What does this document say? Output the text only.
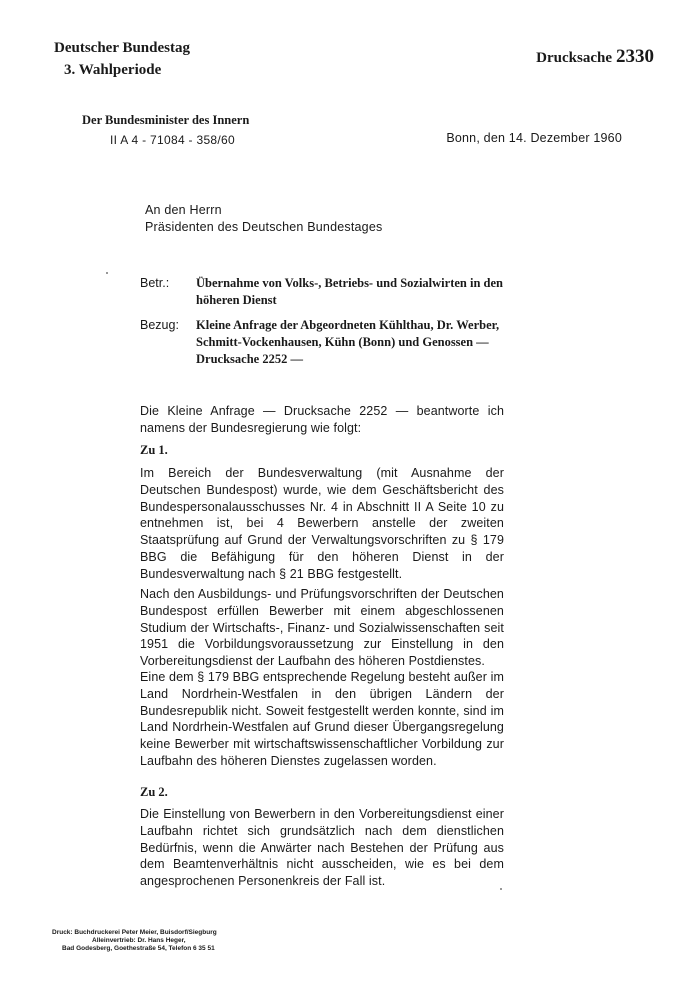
Deutscher Bundestag
3. Wahlperiode
Drucksache 2330
Der Bundesminister des Innern
II A 4 - 71084 - 358/60	Bonn, den 14. Dezember 1960
An den Herrn
Präsidenten des Deutschen Bundestages
Betr.:	Übernahme von Volks-, Betriebs- und Sozialwirten in den höheren Dienst
Bezug:	Kleine Anfrage der Abgeordneten Kühlthau, Dr. Werber, Schmitt-Vockenhausen, Kühn (Bonn) und Genossen — Drucksache 2252 —
Die Kleine Anfrage — Drucksache 2252 — beantworte ich namens der Bundesregierung wie folgt:
Zu 1.
Im Bereich der Bundesverwaltung (mit Ausnahme der Deutschen Bundespost) wurde, wie dem Geschäftsbericht des Bundespersonalausschusses Nr. 4 in Abschnitt II A Seite 10 zu entnehmen ist, bei 4 Bewerbern anstelle der zweiten Staatsprüfung auf Grund der Verwaltungsvorschriften zu § 179 BBG die Befähigung für den höheren Dienst in der Bundesverwaltung nach § 21 BBG festgestellt.
Nach den Ausbildungs- und Prüfungsvorschriften der Deutschen Bundespost erfüllen Bewerber mit einem abgeschlossenen Studium der Wirtschafts-, Finanz- und Sozialwissenschaften seit 1951 die Vorbildungsvoraussetzung zur Einstellung in den Vorbereitungsdienst der Laufbahn des höheren Postdienstes.
Eine dem § 179 BBG entsprechende Regelung besteht außer im Land Nordrhein-Westfalen in den übrigen Ländern der Bundesrepublik nicht. Soweit festgestellt werden konnte, sind im Land Nordrhein-Westfalen auf Grund dieser Übergangsregelung keine Bewerber mit wirtschaftswissenschaftlicher Vorbildung zur Laufbahn des höheren Dienstes zugelassen worden.
Zu 2.
Die Einstellung von Bewerbern in den Vorbereitungsdienst einer Laufbahn richtet sich grundsätzlich nach dem dienstlichen Bedürfnis, wenn die Anwärter nach Bestehen der Prüfung aus dem Beamtenverhältnis nicht ausscheiden, wie es bei dem angesprochenen Personenkreis der Fall ist.
Druck: Buchdruckerei Peter Meier, Buisdorf/Siegburg
Alleinvertrieb: Dr. Hans Heger,
Bad Godesberg, Goethestraße 54, Telefon 6 35 51
